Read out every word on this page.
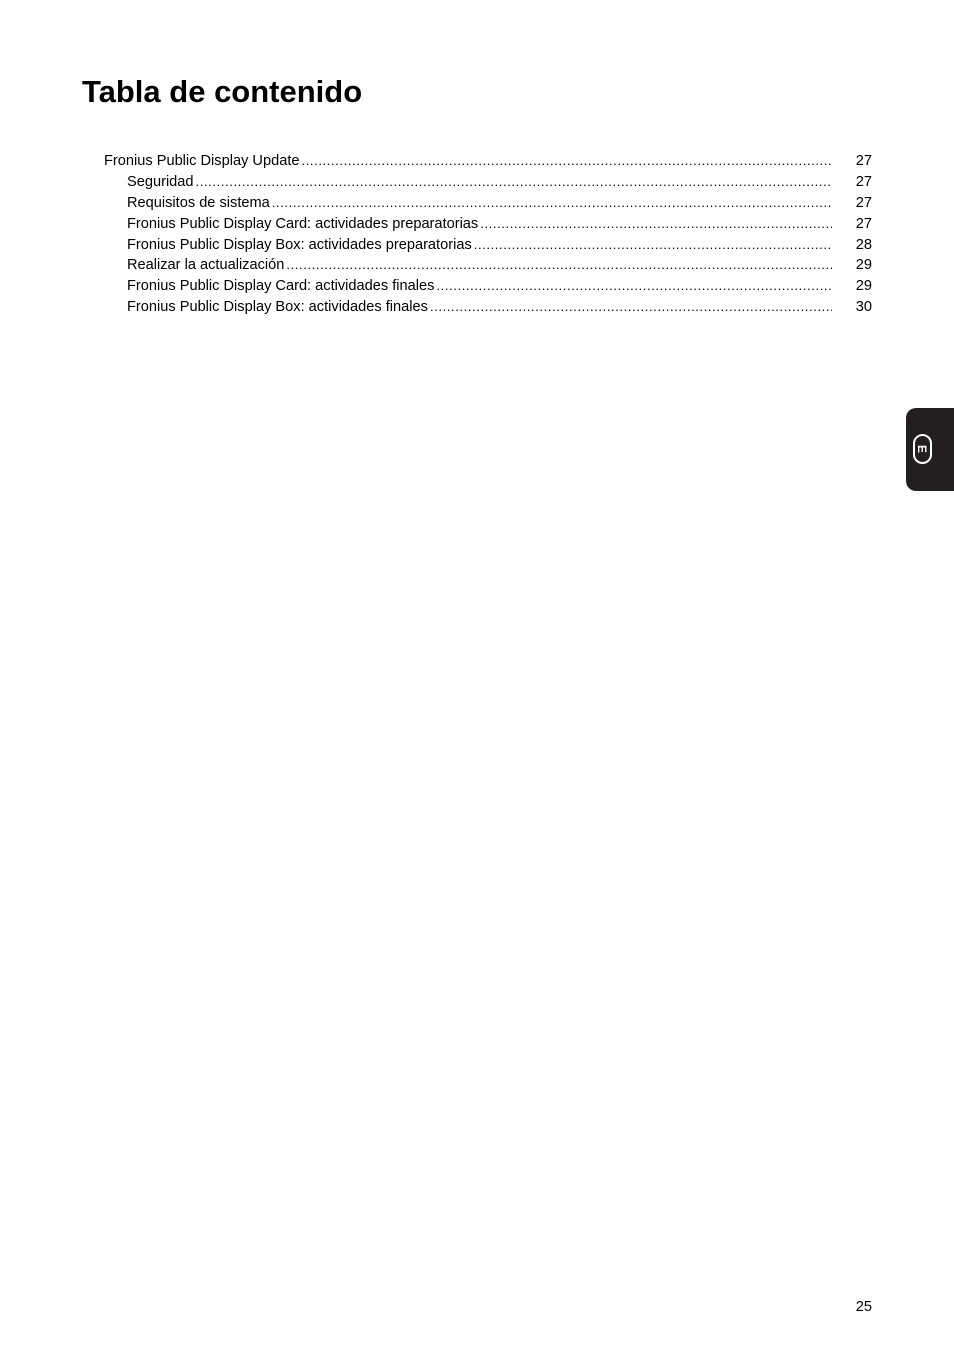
Tabla de contenido
Fronius Public Display Update .....	27
Seguridad .....	27
Requisitos de sistema .....	27
Fronius Public Display Card: actividades preparatorias .....	27
Fronius Public Display Box: actividades preparatorias .....	28
Realizar la actualización .....	29
Fronius Public Display Card: actividades finales .....	29
Fronius Public Display Box: actividades finales .....	30
E
25
